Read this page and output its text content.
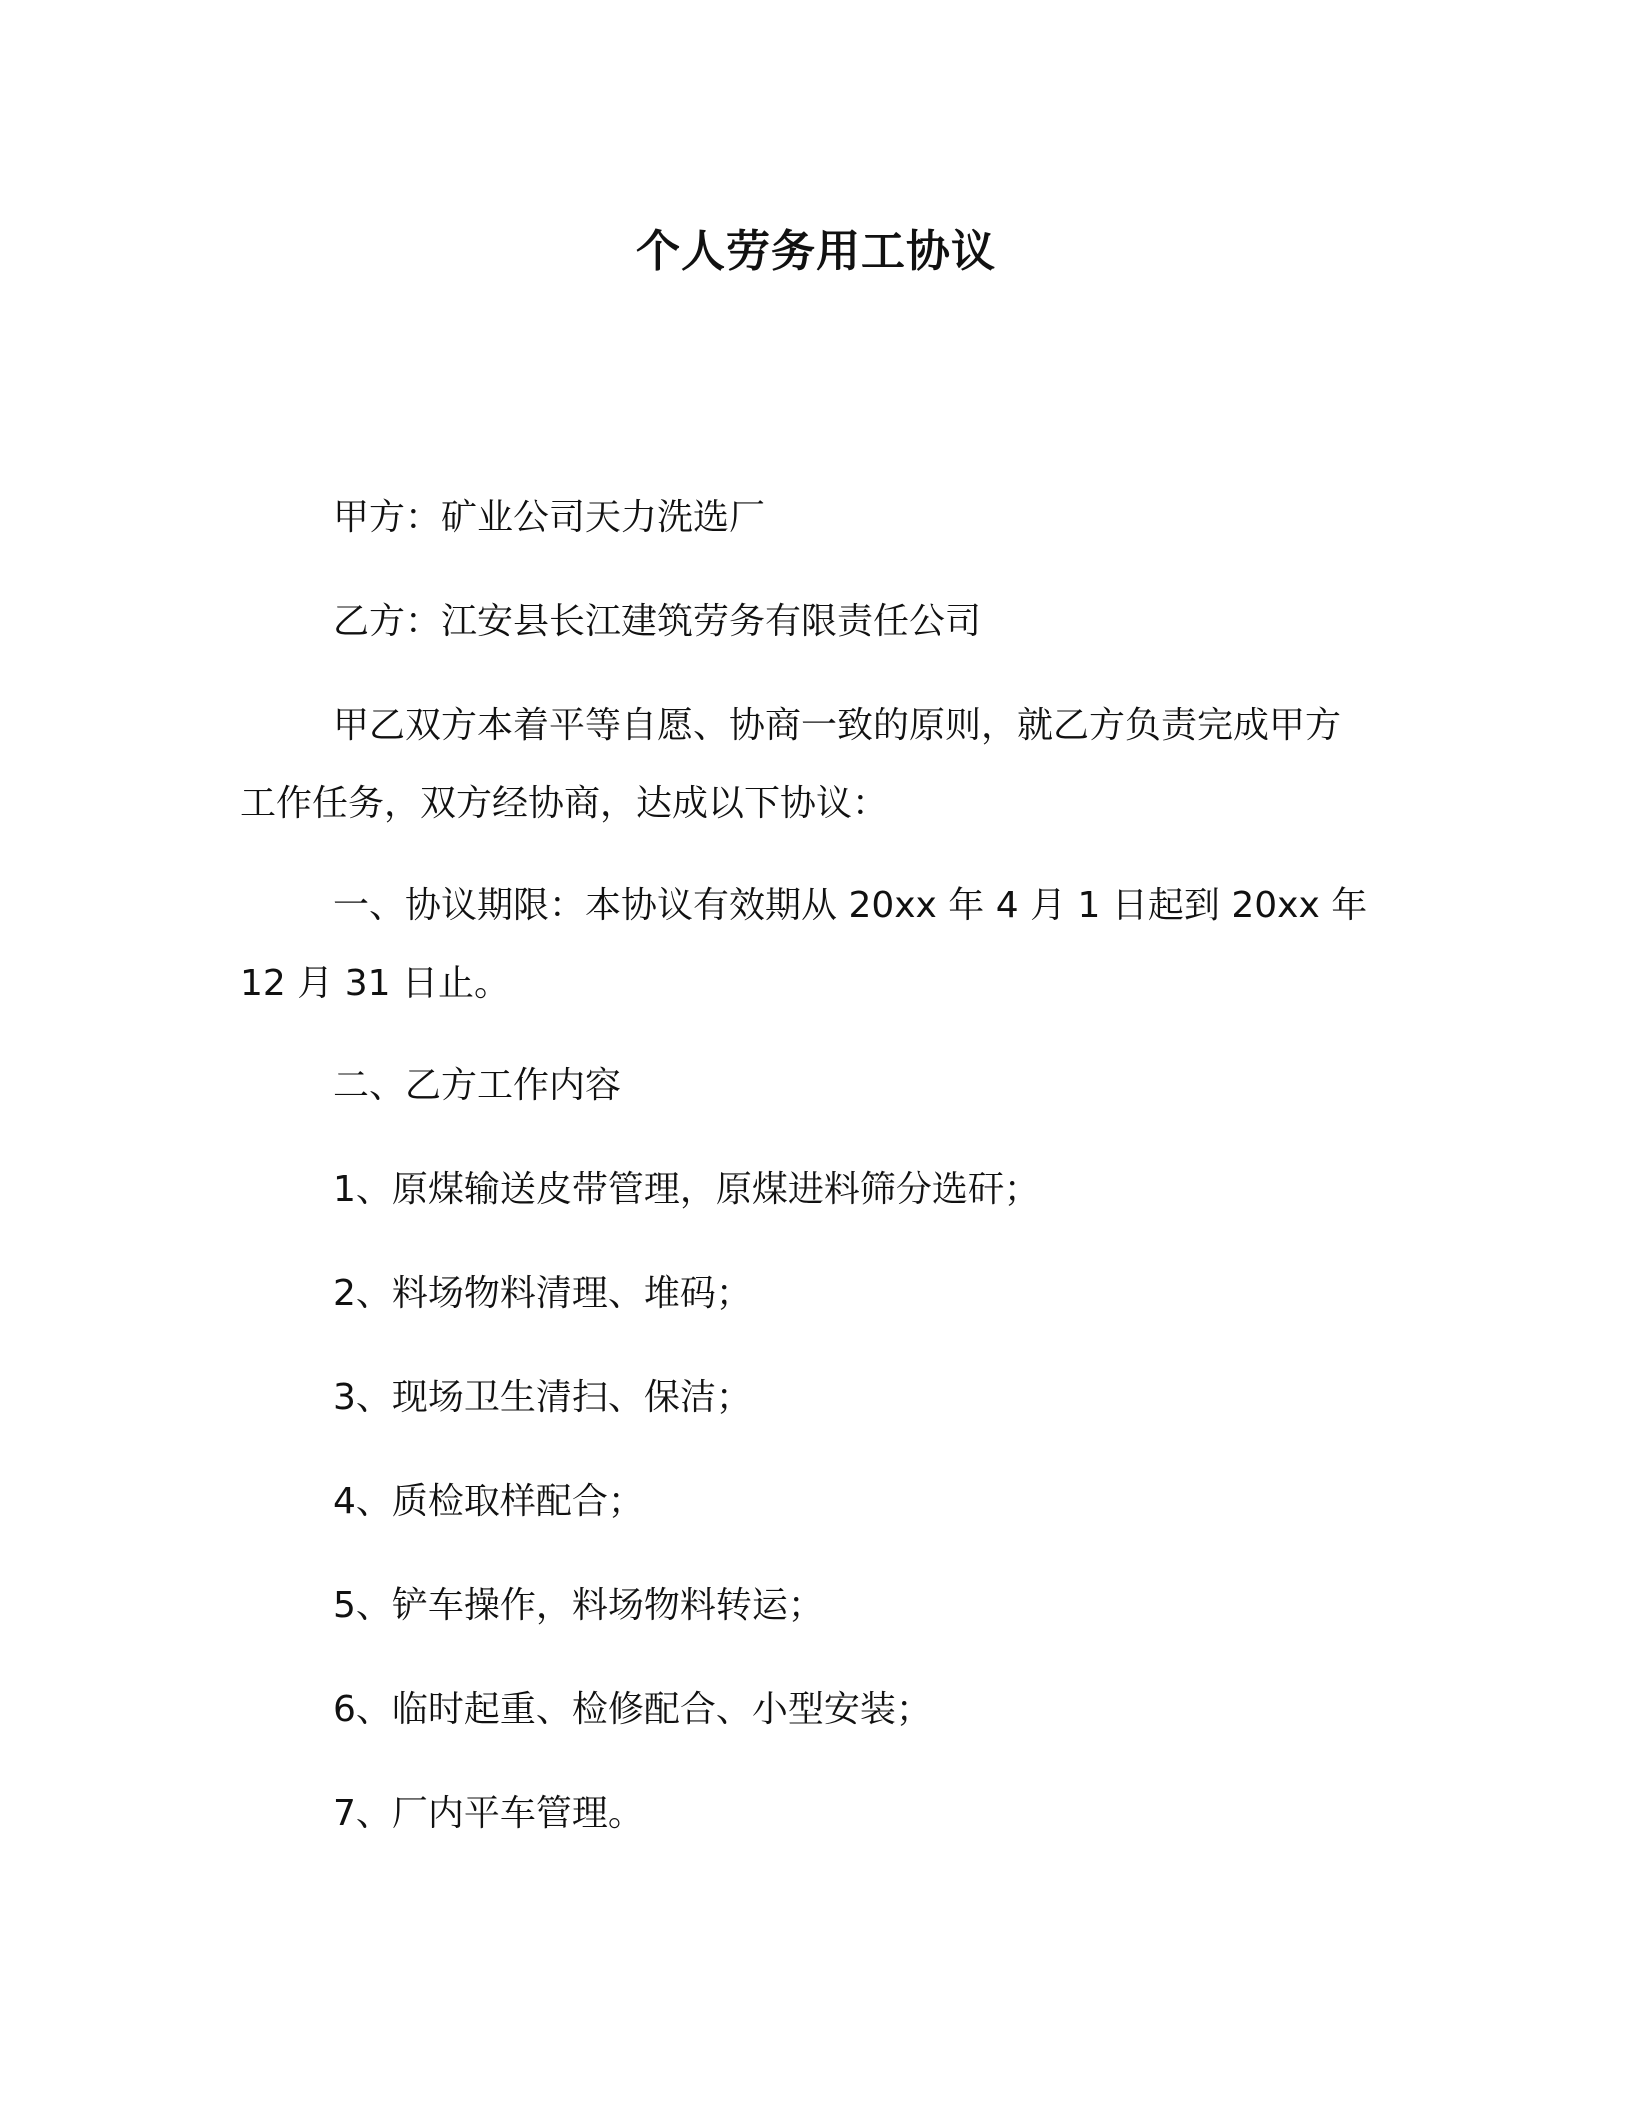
个人劳务用工协议
甲方：矿业公司天力洗选厂
乙方：江安县长江建筑劳务有限责任公司
甲乙双方本着平等自愿、协商一致的原则，就乙方负责完成甲方
工作任务，双方经协商，达成以下协议：
一、协议期限：本协议有效期从 20xx 年 4 月 1 日起到 20xx 年
12 月 31 日止。
二、乙方工作内容
1、原煤输送皮带管理，原煤进料筛分选矸；
2、料场物料清理、堆码；
3、现场卫生清扫、保洁；
4、质检取样配合；
5、铲车操作，料场物料转运；
6、临时起重、检修配合、小型安装；
7、厂内平车管理。
